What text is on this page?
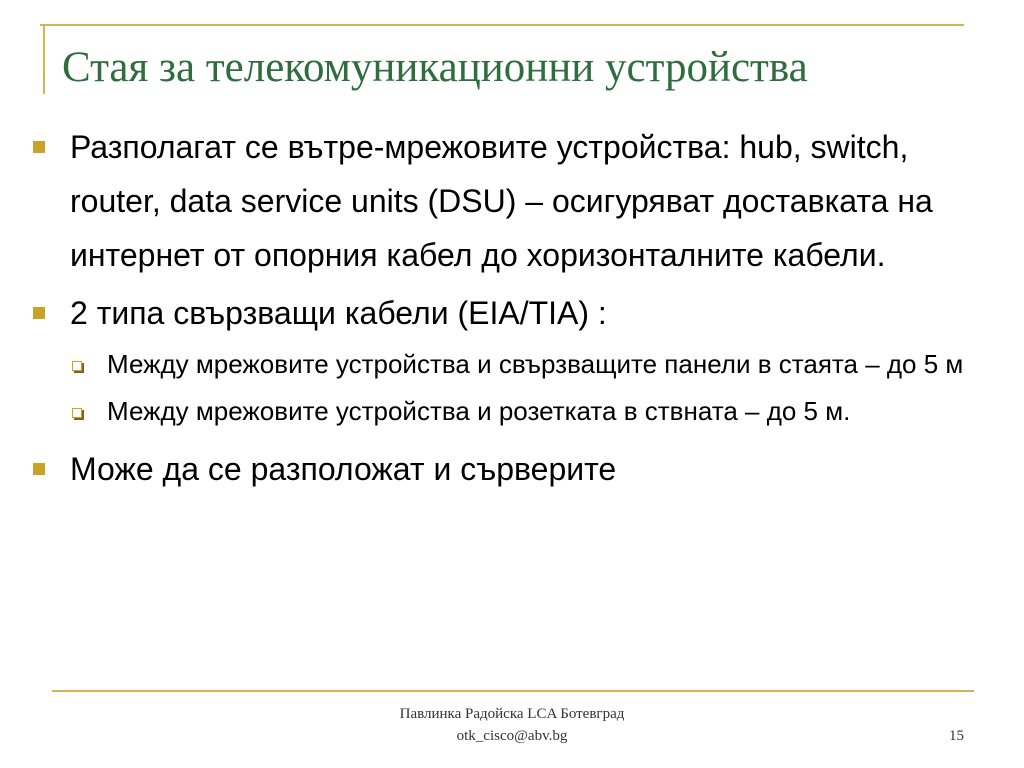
Стая за телекомуникационни устройства
Разполагат се вътре-мрежовите устройства: hub, switch, router, data service units (DSU) – осигуряват доставката на интернет от опорния кабел до хоризонталните кабели.
2 типа свързващи кабели (EIA/TIA) :
Между мрежовите устройства и свързващите панели в стаята – до 5 м
Между мрежовите устройства и розетката в ствната – до 5 м.
Може да се разположат и сърверите
Павлинка Радойска LCA Ботевград
otk_cisco@abv.bg	15
